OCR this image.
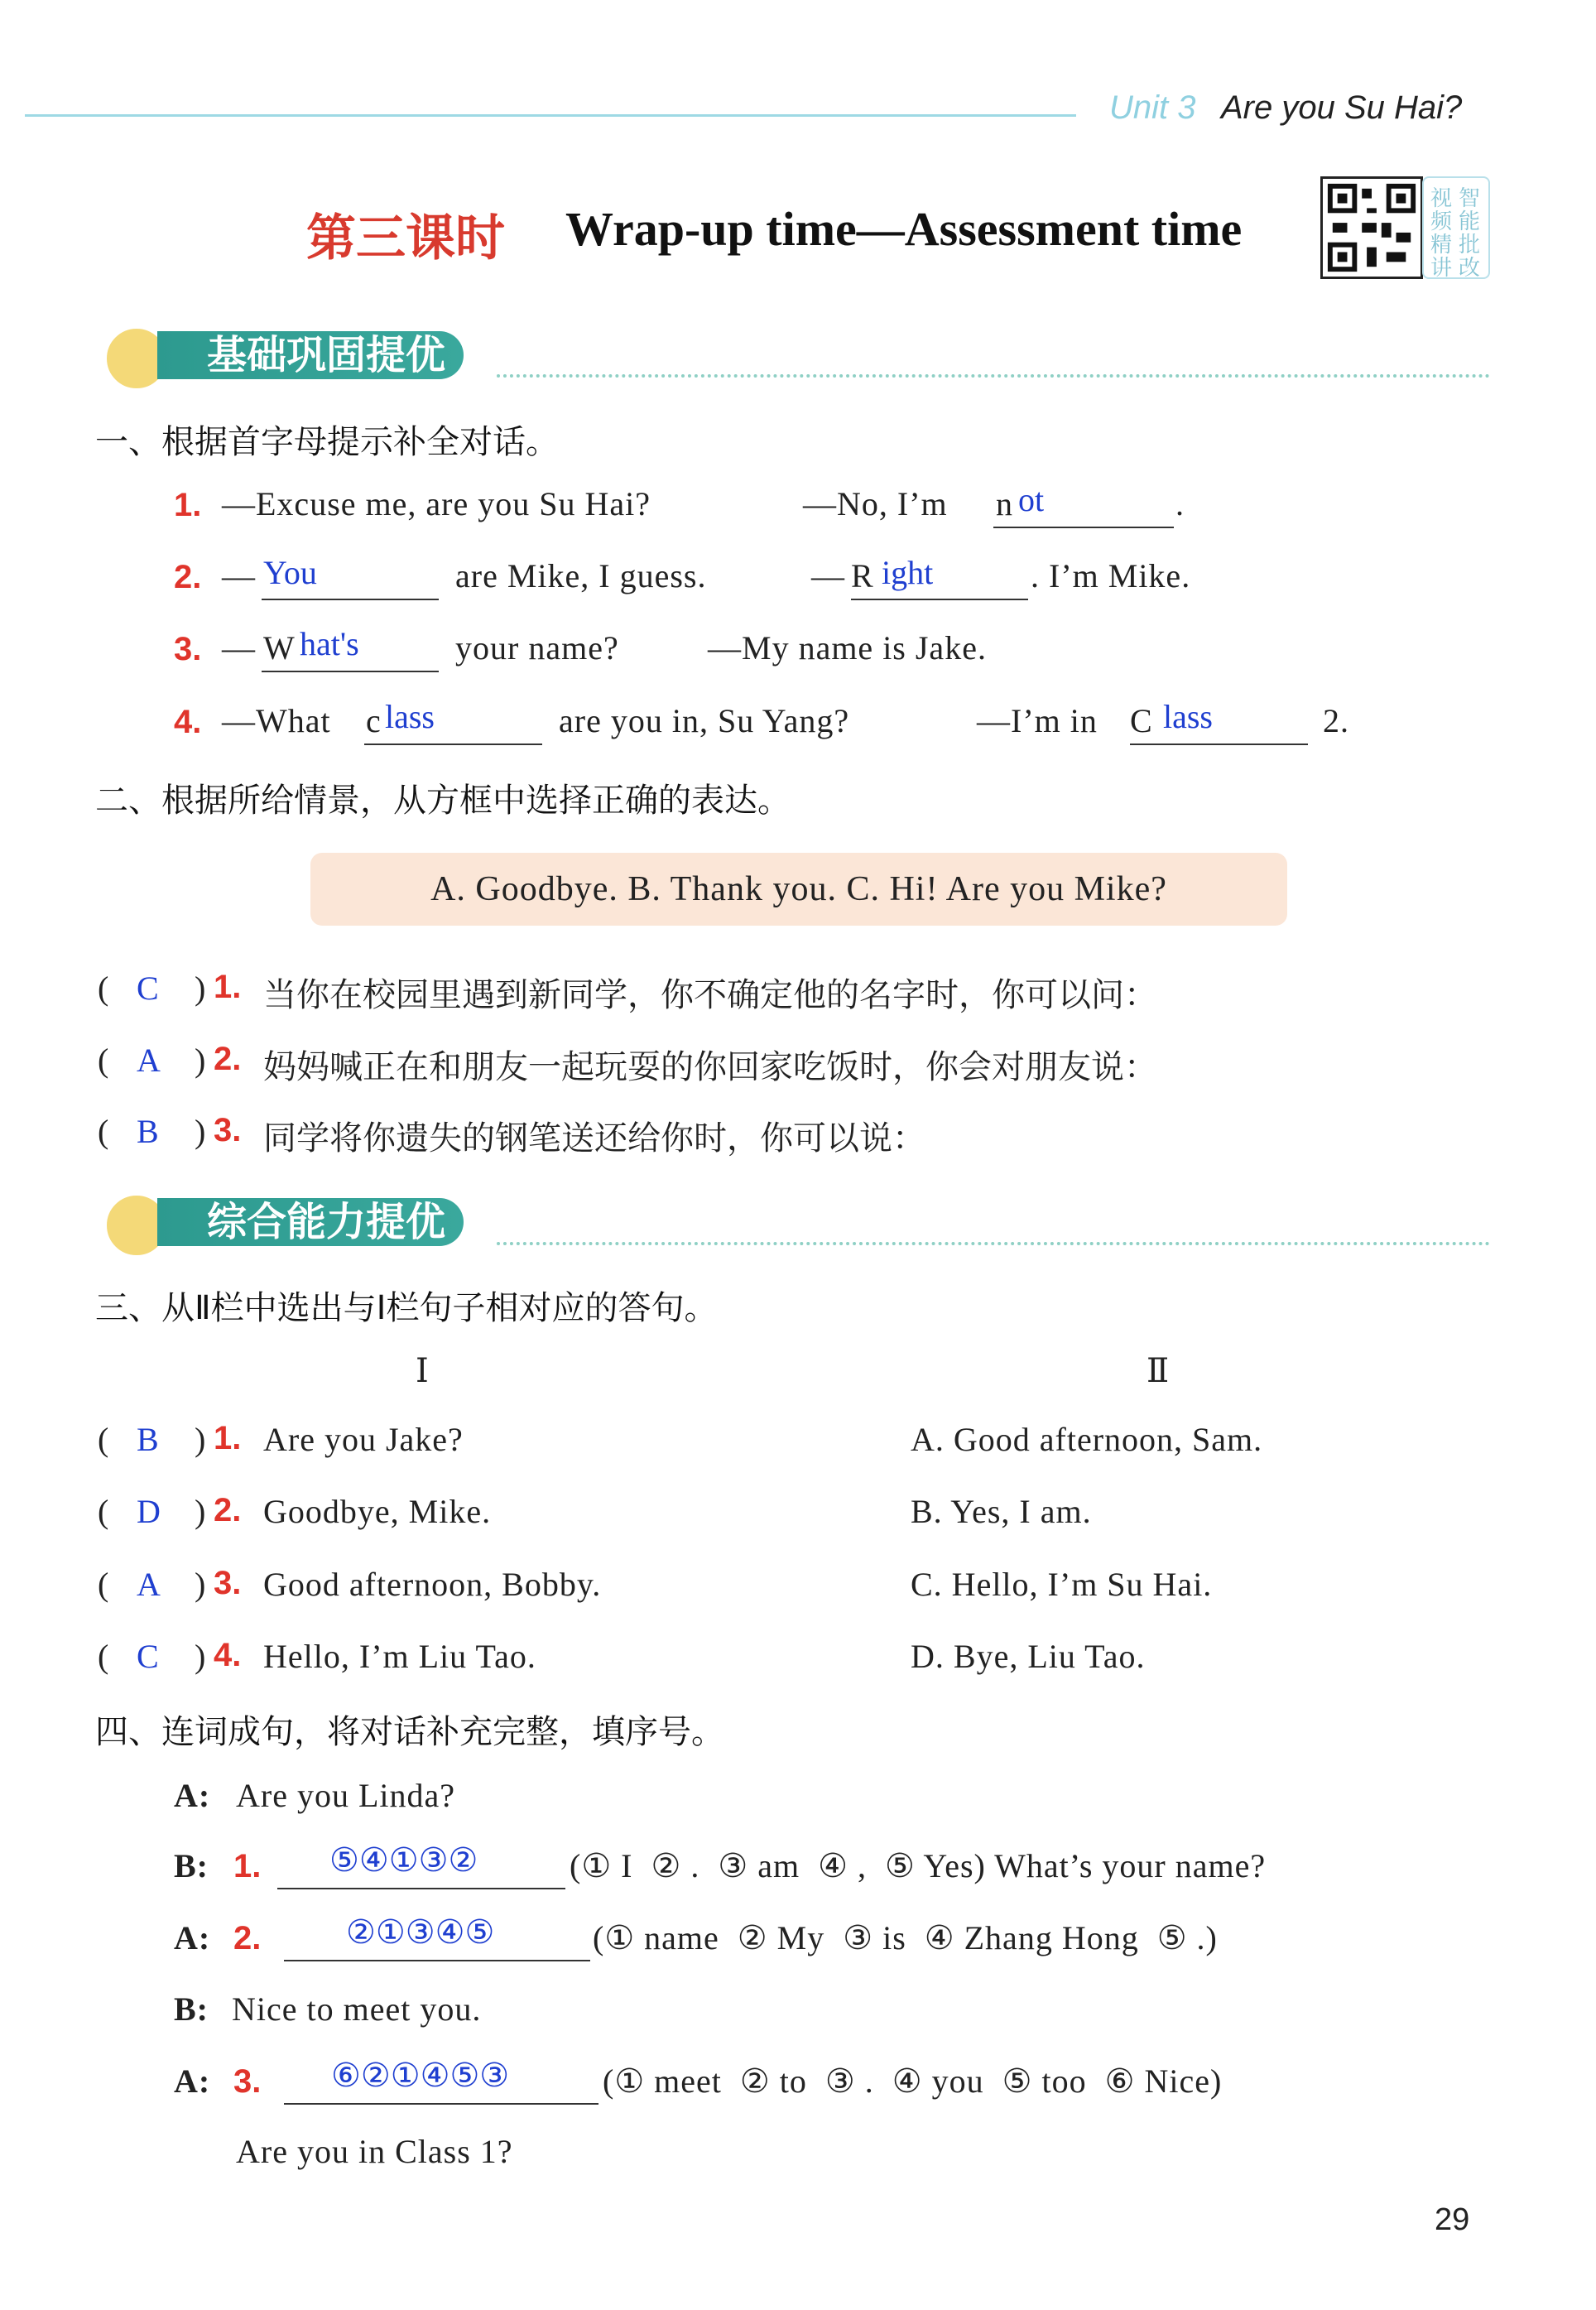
Unit 3 Are you Su Hai?
第三课时 Wrap-up time—Assessment time
视 智
频 能
精 批
讲 改
基础巩固提优
一、根据首字母提示补全对话。
1. —Excuse me, are you Su Hai?	—No, I’m n ot	.
2. — You	are Mike, I guess.	— R ight	. I’m Mike.
3. — W hat's	your name?	—My name is Jake.
4. —What c lass	are you in, Su Yang?	—I’m in C lass	2.
二、根据所给情景，从方框中选择正确的表达。
A. Goodbye. B. Thank you. C. Hi! Are you Mike?
( C ) 1. 当你在校园里遇到新同学，你不确定他的名字时，你可以问：
( A ) 2. 妈妈喊正在和朋友一起玩耍的你回家吃饭时，你会对朋友说：
( B ) 3. 同学将你遗失的钢笔送还给你时，你可以说：
综合能力提优
三、从Ⅱ栏中选出与Ⅰ栏句子相对应的答句。
Ⅰ	Ⅱ
( B ) 1. Are you Jake?	A. Good afternoon, Sam.
( D ) 2. Goodbye, Mike.	B. Yes, I am.
( A ) 3. Good afternoon, Bobby.	C. Hello, I’m Su Hai.
( C ) 4. Hello, I’m Liu Tao.	D. Bye, Liu Tao.
四、连词成句，将对话补充完整，填序号。
A: Are you Linda?
B: 1. ⑤④①③②	(① I  ② .  ③ am  ④ ,  ⑤ Yes) What’s your name?
A: 2.	②①③④⑤	(① name  ② My  ③ is  ④ Zhang Hong  ⑤ .)
B: Nice to meet you.
A: 3. ⑥②①④⑤③	(① meet  ② to  ③ .  ④ you  ⑤ too  ⑥ Nice)
Are you in Class 1?
29
